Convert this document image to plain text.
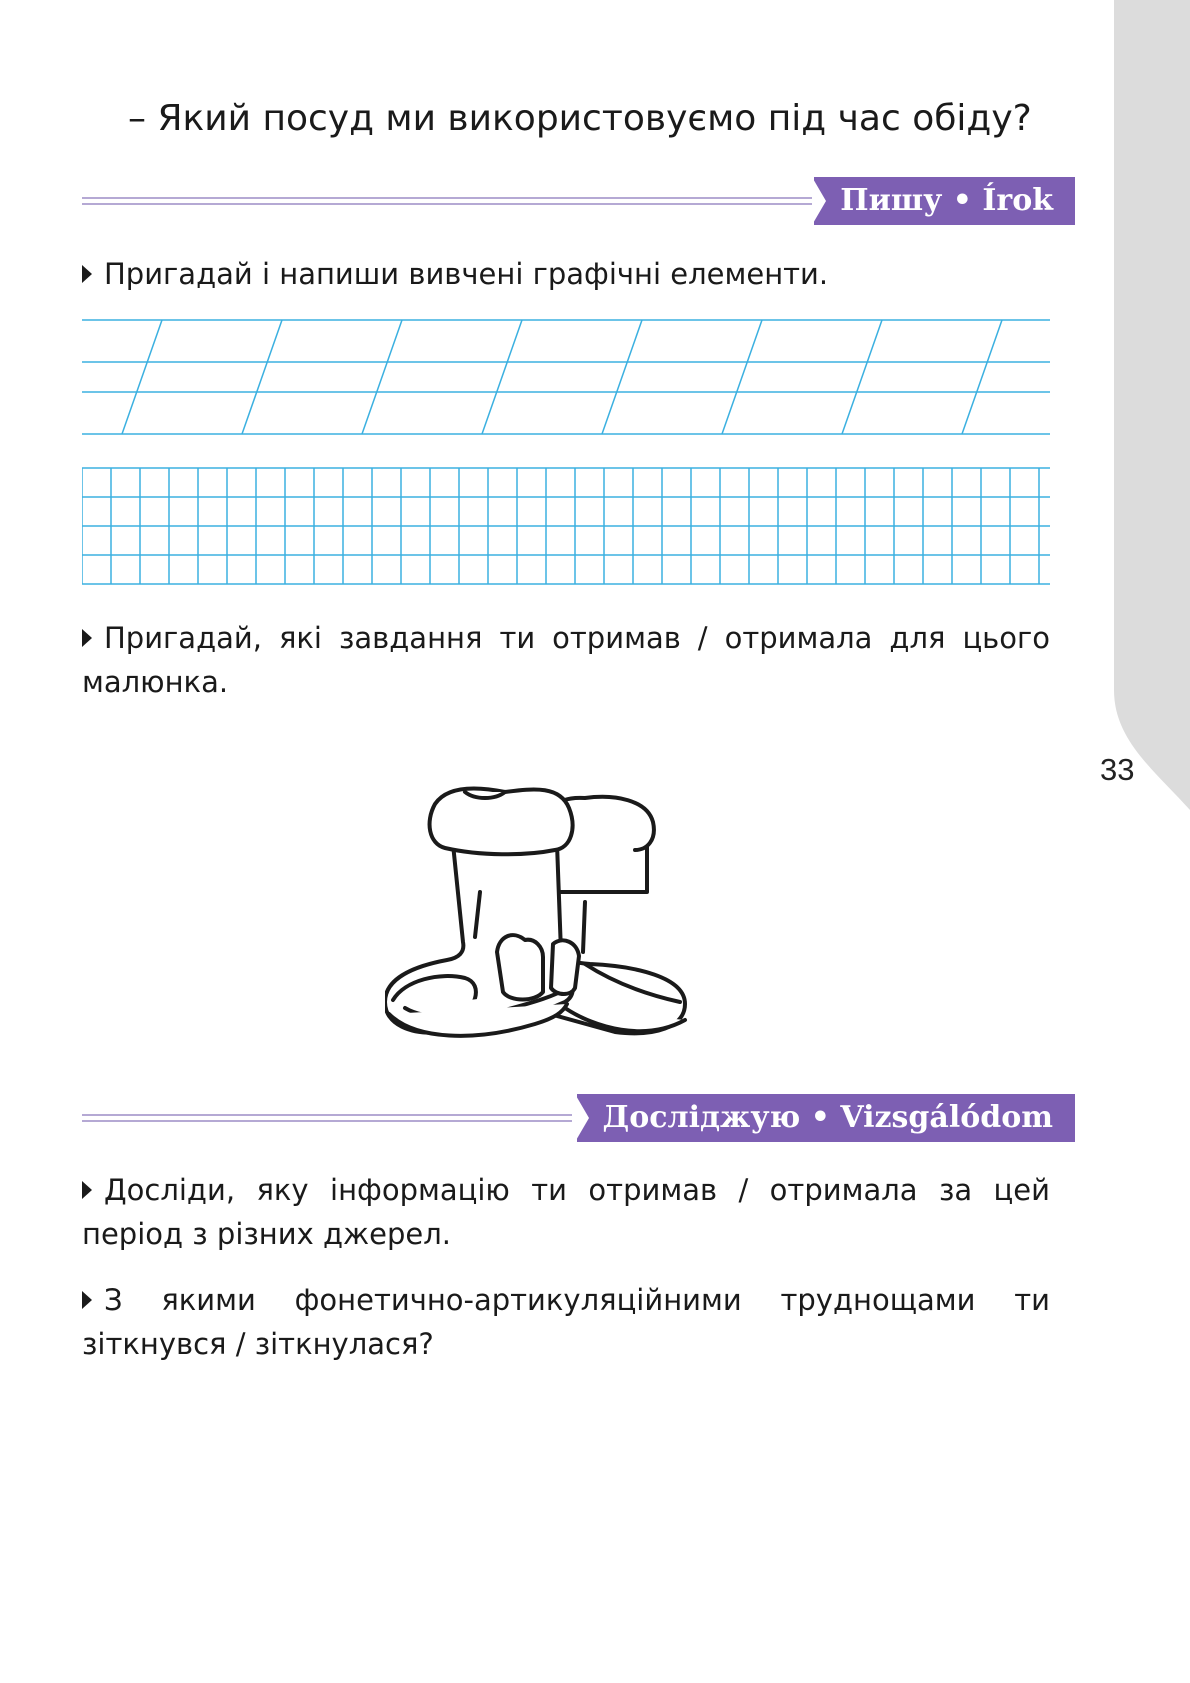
33
– Який посуд ми використовуємо під час обіду?
Пишу • Írok
Пригадай і напиши вивчені графічні елементи.
Пригадай, які завдання ти отримав / отримала для цього малюнка.
Досліджую • Vizsgálódom
Досліди, яку інформацію ти отримав / отримала за цей період з різних джерел.
З якими фонетично-артикуляційними труднощами ти зіткнувся / зіткнулася?
